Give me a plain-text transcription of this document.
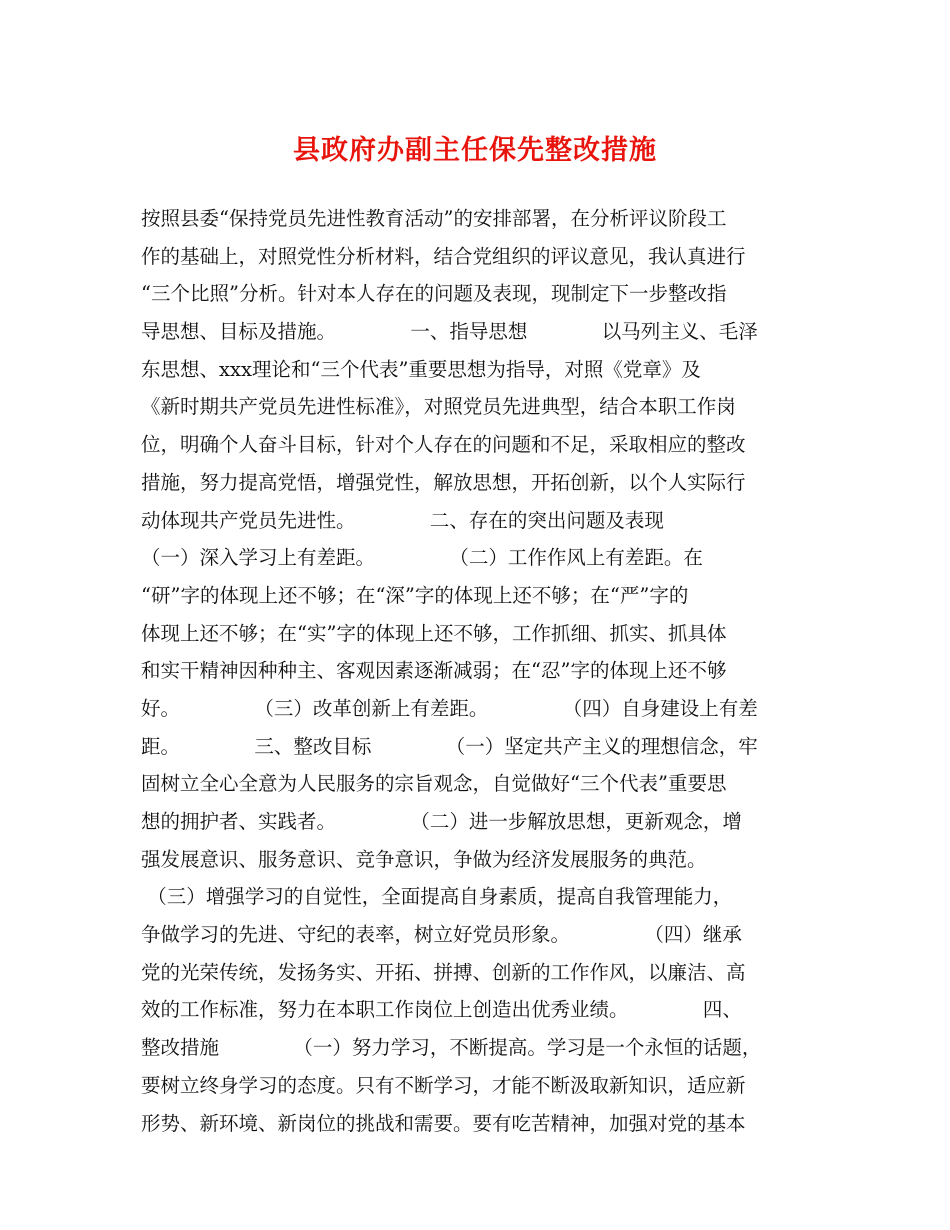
县政府办副主任保先整改措施
按照县委“保持党员先进性教育活动”的安排部署，在分析评议阶段工
作的基础上，对照党性分析材料，结合党组织的评议意见，我认真进行
“三个比照”分析。针对本人存在的问题及表现，现制定下一步整改指
导思想、目标及措施。            一、指导思想            以马列主义、毛泽
东思想、xxx理论和“三个代表”重要思想为指导，对照《党章》及
《新时期共产党员先进性标准》，对照党员先进典型，结合本职工作岗
位，明确个人奋斗目标，针对个人存在的问题和不足，采取相应的整改
措施，努力提高党悟，增强党性，解放思想，开拓创新，以个人实际行
动体现共产党员先进性。            二、存在的突出问题及表现
（一）深入学习上有差距。            （二）工作作风上有差距。在
“研”字的体现上还不够；在“深”字的体现上还不够；在“严”字的
体现上还不够；在“实”字的体现上还不够，工作抓细、抓实、抓具体
和实干精神因种种主、客观因素逐渐减弱；在“忍”字的体现上还不够
好。            （三）改革创新上有差距。            （四）自身建设上有差
距。            三、整改目标            （一）坚定共产主义的理想信念，牢
固树立全心全意为人民服务的宗旨观念，自觉做好“三个代表”重要思
想的拥护者、实践者。            （二）进一步解放思想，更新观念，增
强发展意识、服务意识、竞争意识，争做为经济发展服务的典范。
（三）增强学习的自觉性，全面提高自身素质，提高自我管理能力，
争做学习的先进、守纪的表率，树立好党员形象。            （四）继承
党的光荣传统，发扬务实、开拓、拼搏、创新的工作作风，以廉洁、高
效的工作标准，努力在本职工作岗位上创造出优秀业绩。            四、
整改措施            （一）努力学习，不断提高。学习是一个永恒的话题，
要树立终身学习的态度。只有不断学习，才能不断汲取新知识，适应新
形势、新环境、新岗位的挑战和需要。要有吃苦精神，加强对党的基本
